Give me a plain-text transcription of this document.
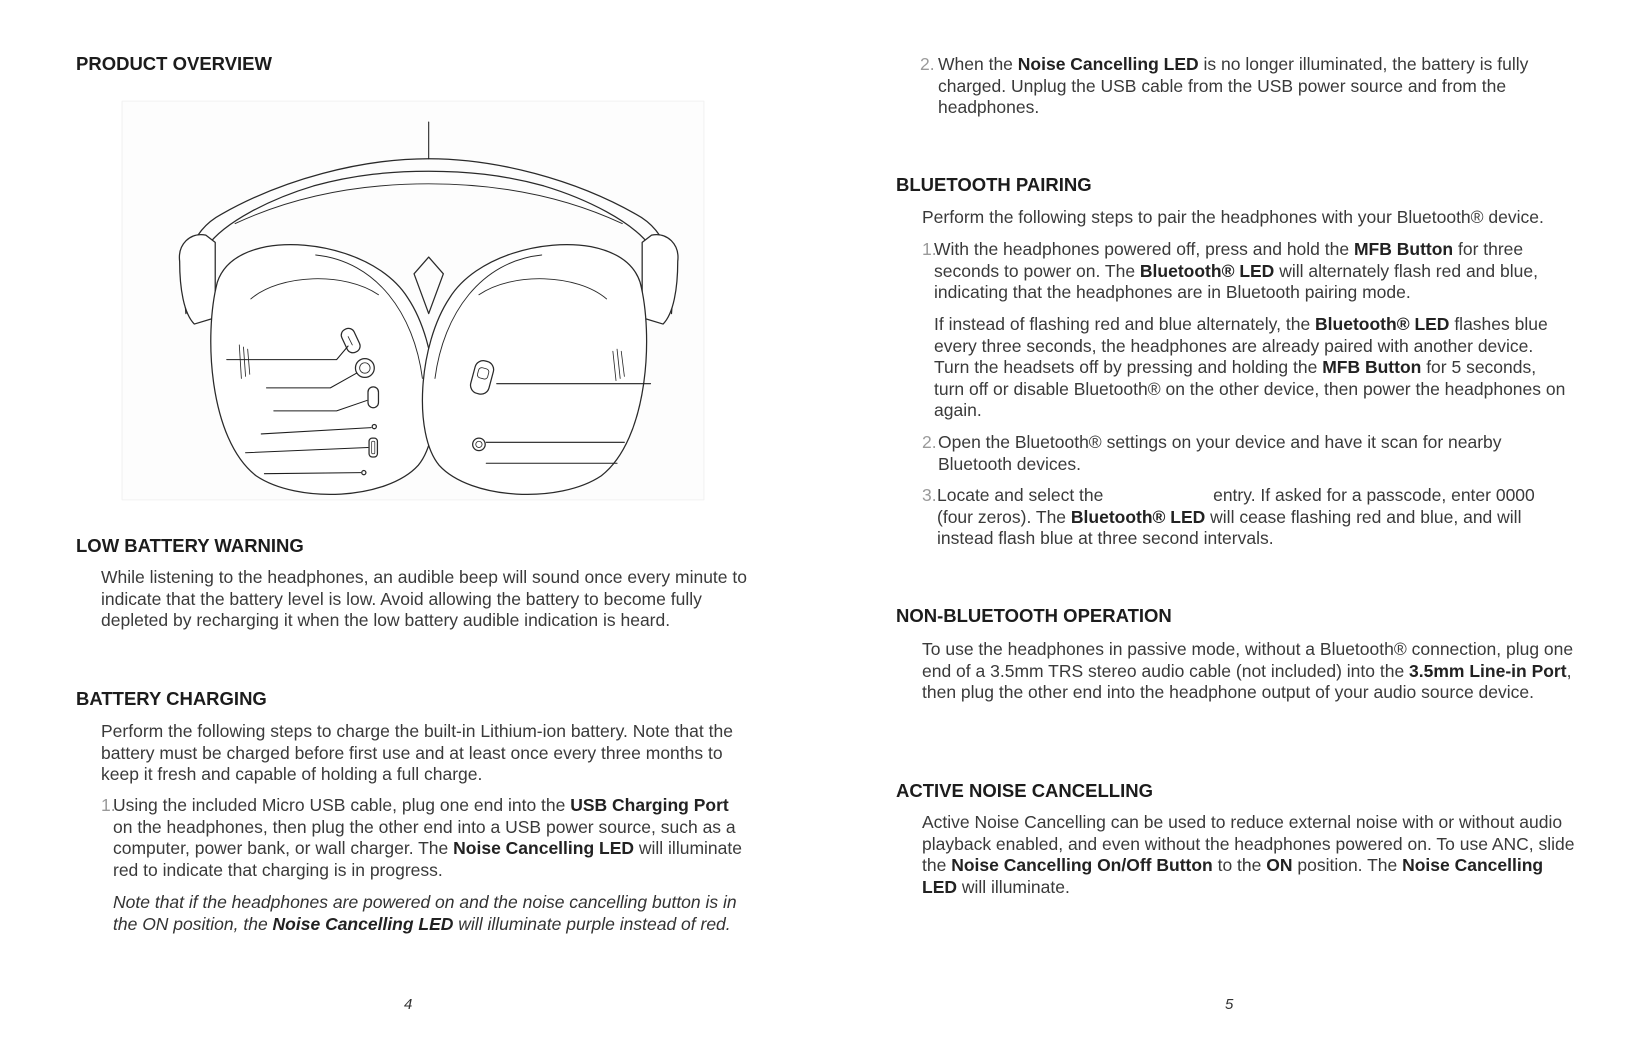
PRODUCT OVERVIEW
LOW BATTERY WARNING

While listening to the headphones, an audible beep will sound once every minute to indicate that the battery level is low. Avoid allowing the battery to become fully depleted by recharging it when the low battery audible indication is heard.

BATTERY CHARGING

Perform the following steps to charge the built-in Lithium-ion battery. Note that the battery must be charged before first use and at least once every three months to keep it fresh and capable of holding a full charge.

1.

Using the included Micro USB cable, plug one end into the USB Charging Port on the headphones, then plug the other end into a USB power source, such as a computer, power bank, or wall charger. The Noise Cancelling LED will illuminate red to indicate that charging is in progress.

Note that if the headphones are powered on and the noise cancelling button is in the ON position, the Noise Cancelling LED will illuminate purple instead of red.

4
2. When the Noise Cancelling LED is no longer illuminated, the battery is fully charged. Unplug the USB cable from the USB power source and from the headphones.

BLUETOOTH PAIRING

Perform the following steps to pair the headphones with your Bluetooth® device.

1.

With the headphones powered off, press and hold the MFB Button for three seconds to power on. The Bluetooth® LED will alternately flash red and blue, indicating that the headphones are in Bluetooth pairing mode.

If instead of flashing red and blue alternately, the Bluetooth® LED flashes blue every three seconds, the headphones are already paired with another device. Turn the headsets off by pressing and holding the MFB Button for 5 seconds, turn off or disable Bluetooth® on the other device, then power the headphones on again.

2. Open the Bluetooth® settings on your device and have it scan for nearby Bluetooth devices.

3. Locate and select the	entry. If asked for a passcode, enter 0000 (four zeros). The Bluetooth® LED will cease flashing red and blue, and will instead flash blue at three second intervals.

NON-BLUETOOTH OPERATION

To use the headphones in passive mode, without a Bluetooth® connection, plug one end of a 3.5mm TRS stereo audio cable (not included) into the 3.5mm Line-in Port, then plug the other end into the headphone output of your audio source device.

ACTIVE NOISE CANCELLING

Active Noise Cancelling can be used to reduce external noise with or without audio playback enabled, and even without the headphones powered on. To use ANC, slide the Noise Cancelling On/Off Button to the ON position. The Noise Cancelling LED will illuminate.

5
